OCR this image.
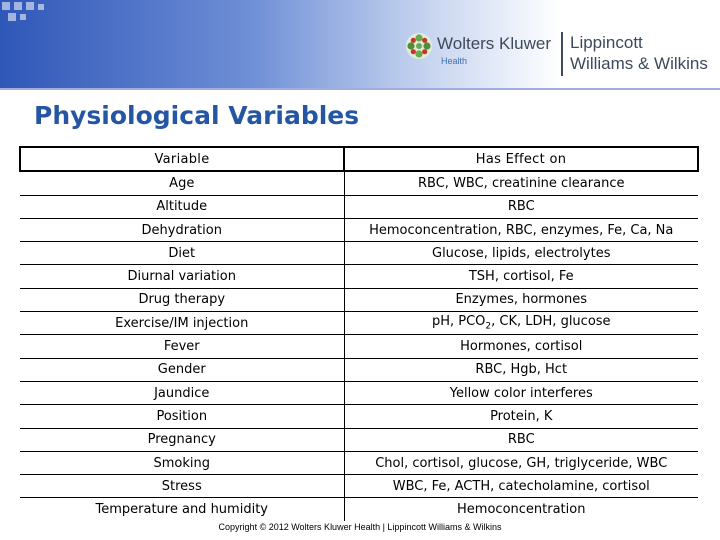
Wolters Kluwer
Health
Lippincott
Williams & Wilkins
Physiological Variables
Variable	Has Effect on
Age	RBC, WBC, creatinine clearance
Altitude	RBC
Dehydration	Hemoconcentration, RBC, enzymes, Fe, Ca, Na
Diet	Glucose, lipids, electrolytes
Diurnal variation	TSH, cortisol, Fe
Drug therapy	Enzymes, hormones
Exercise/IM injection	pH, $PCO_2$, CK, LDH, glucose
Fever	Hormones, cortisol
Gender	RBC, Hgb, Hct
Jaundice	Yellow color interferes
Position	Protein, K
Pregnancy	RBC
Smoking	Chol, cortisol, glucose, GH, triglyceride, WBC
Stress	WBC, Fe, ACTH, catecholamine, cortisol
Temperature and humidity	Hemoconcentration
Copyright © 2012 Wolters Kluwer Health | Lippincott Williams & Wilkins
